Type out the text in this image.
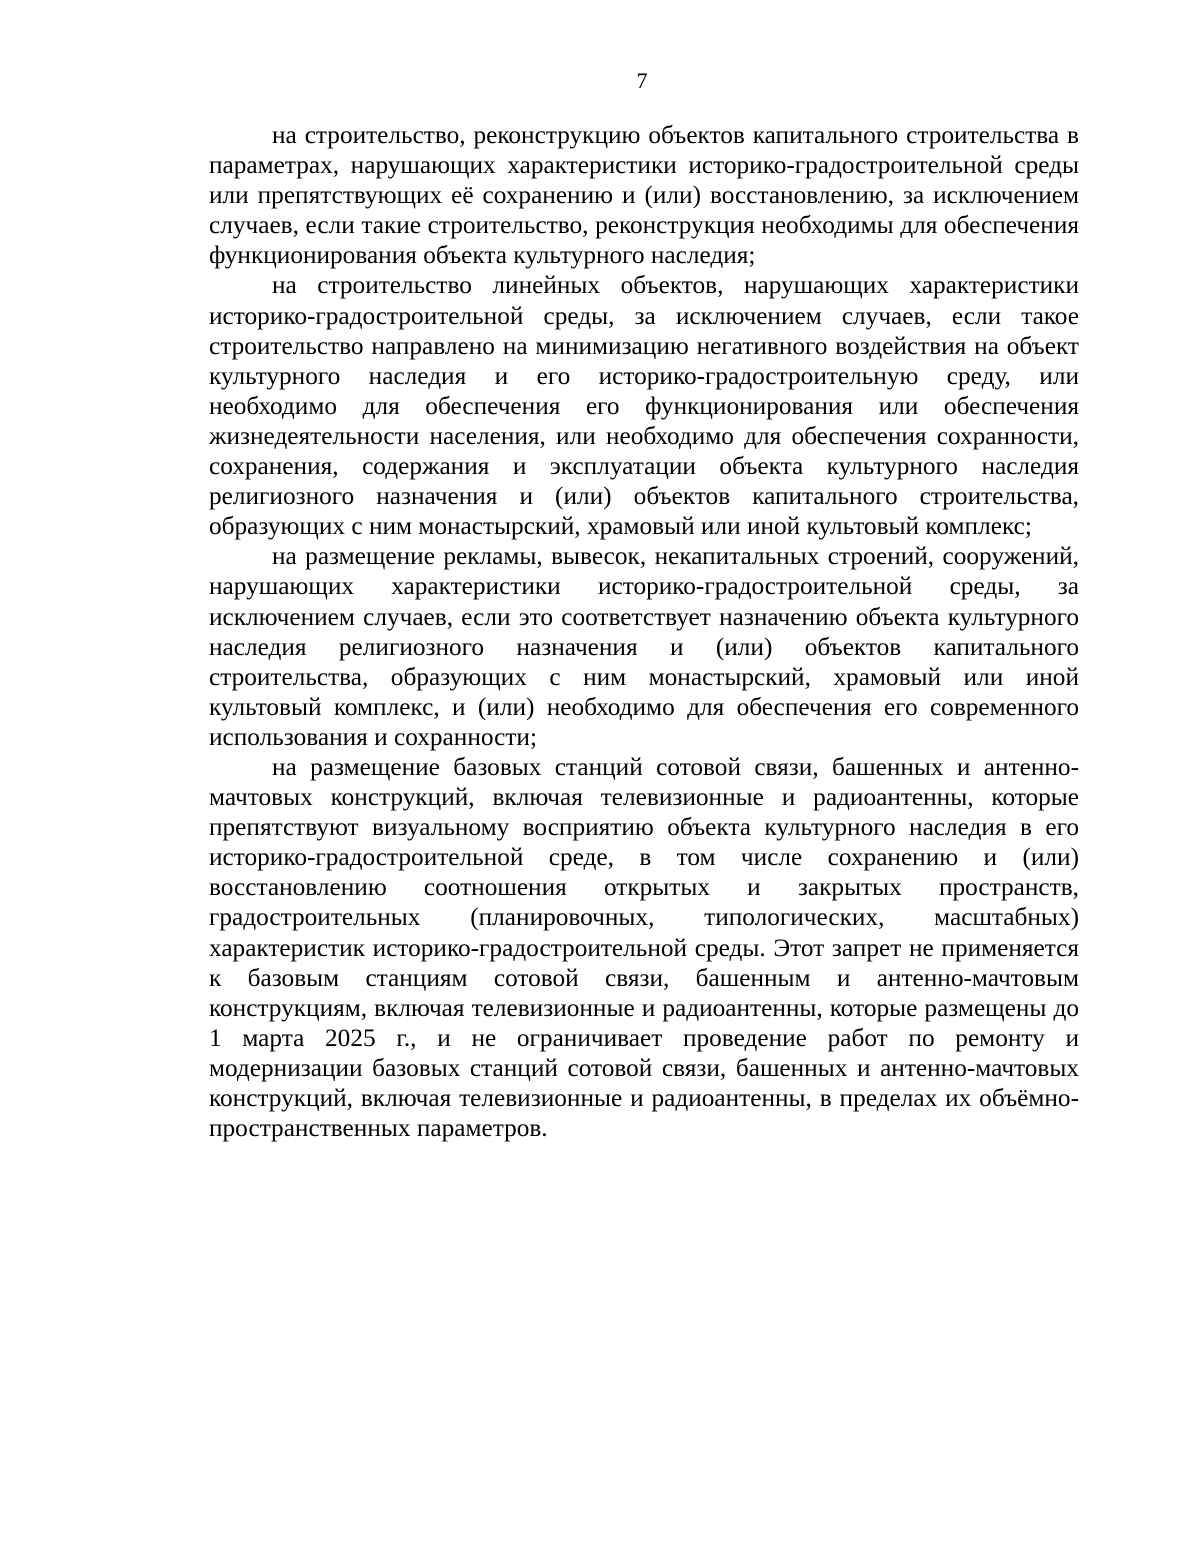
7

на строительство, реконструкцию объектов капитального строительства в параметрах, нарушающих характеристики историко-градостроительной среды или препятствующих её сохранению и (или) восстановлению, за исключением случаев, если такие строительство, реконструкция необходимы для обеспечения функционирования объекта культурного наследия;

на строительство линейных объектов, нарушающих характеристики историко-градостроительной среды, за исключением случаев, если такое строительство направлено на минимизацию негативного воздействия на объект культурного наследия и его историко-градостроительную среду, или необходимо для обеспечения его функционирования или обеспечения жизнедеятельности населения, или необходимо для обеспечения сохранности, сохранения, содержания и эксплуатации объекта культурного наследия религиозного назначения и (или) объектов капитального строительства, образующих с ним монастырский, храмовый или иной культовый комплекс;

на размещение рекламы, вывесок, некапитальных строений, сооружений, нарушающих характеристики историко-градостроительной среды, за исключением случаев, если это соответствует назначению объекта культурного наследия религиозного назначения и (или) объектов капитального строительства, образующих с ним монастырский, храмовый или иной культовый комплекс, и (или) необходимо для обеспечения его современного использования и сохранности;

на размещение базовых станций сотовой связи, башенных и антенно-мачтовых конструкций, включая телевизионные и радиоантенны, которые препятствуют визуальному восприятию объекта культурного наследия в его историко-градостроительной среде, в том числе сохранению и (или) восстановлению соотношения открытых и закрытых пространств, градостроительных (планировочных, типологических, масштабных) характеристик историко-градостроительной среды. Этот запрет не применяется к базовым станциям сотовой связи, башенным и антенно-мачтовым конструкциям, включая телевизионные и радиоантенны, которые размещены до 1 марта 2025 г., и не ограничивает проведение работ по ремонту и модернизации базовых станций сотовой связи, башенных и антенно-мачтовых конструкций, включая телевизионные и радиоантенны, в пределах их объёмно-пространственных параметров.
